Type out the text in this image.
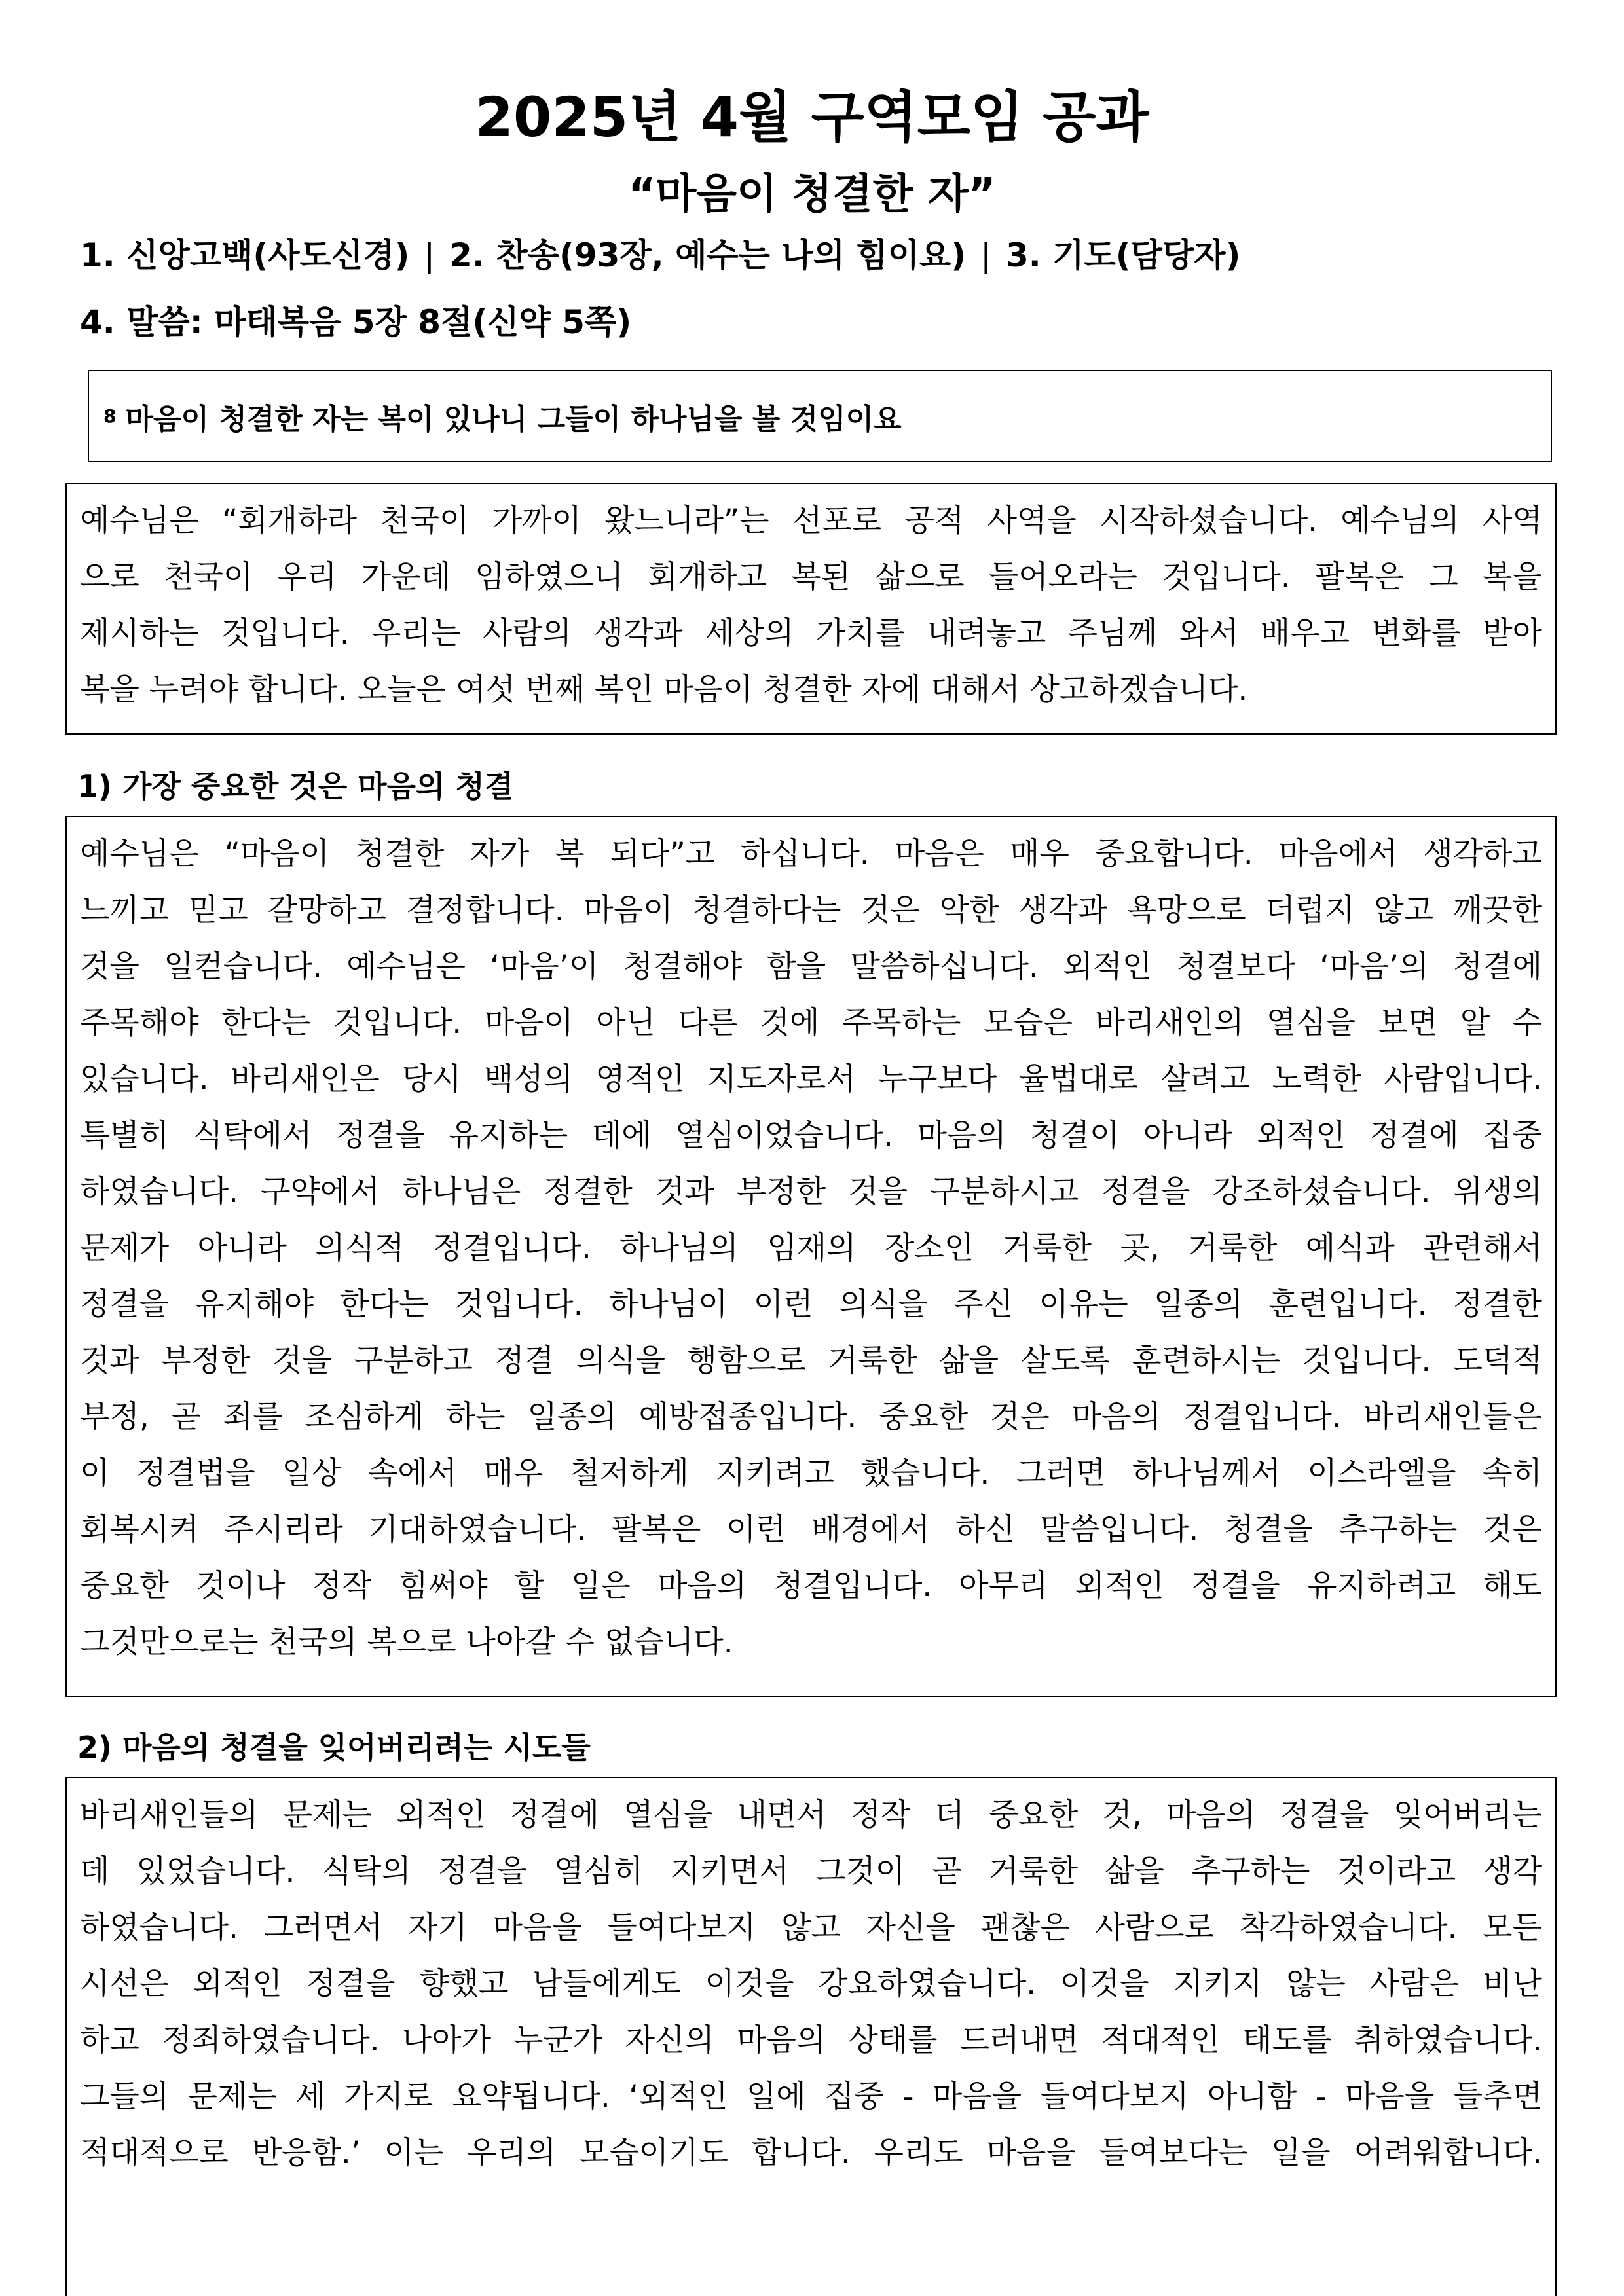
2025년 4월 구역모임 공과
“마음이 청결한 자”
1. 신앙고백(사도신경) | 2. 찬송(93장, 예수는 나의 힘이요) | 3. 기도(담당자)
4. 말씀: 마태복음 5장 8절(신약 5쪽)
8 마음이 청결한 자는 복이 있나니 그들이 하나님을 볼 것임이요
예수님은 “회개하라 천국이 가까이 왔느니라”는 선포로 공적 사역을 시작하셨습니다. 예수님의 사역
으로 천국이 우리 가운데 임하였으니 회개하고 복된 삶으로 들어오라는 것입니다. 팔복은 그 복을
제시하는 것입니다. 우리는 사람의 생각과 세상의 가치를 내려놓고 주님께 와서 배우고 변화를 받아
복을 누려야 합니다. 오늘은 여섯 번째 복인 마음이 청결한 자에 대해서 상고하겠습니다.
1) 가장 중요한 것은 마음의 청결
예수님은 “마음이 청결한 자가 복 되다”고 하십니다. 마음은 매우 중요합니다. 마음에서 생각하고
느끼고 믿고 갈망하고 결정합니다. 마음이 청결하다는 것은 악한 생각과 욕망으로 더럽지 않고 깨끗한
것을 일컫습니다. 예수님은 ‘마음’이 청결해야 함을 말씀하십니다. 외적인 청결보다 ‘마음’의 청결에
주목해야 한다는 것입니다. 마음이 아닌 다른 것에 주목하는 모습은 바리새인의 열심을 보면 알 수
있습니다. 바리새인은 당시 백성의 영적인 지도자로서 누구보다 율법대로 살려고 노력한 사람입니다.
특별히 식탁에서 정결을 유지하는 데에 열심이었습니다. 마음의 청결이 아니라 외적인 정결에 집중
하였습니다. 구약에서 하나님은 정결한 것과 부정한 것을 구분하시고 정결을 강조하셨습니다. 위생의
문제가 아니라 의식적 정결입니다. 하나님의 임재의 장소인 거룩한 곳, 거룩한 예식과 관련해서
정결을 유지해야 한다는 것입니다. 하나님이 이런 의식을 주신 이유는 일종의 훈련입니다. 정결한
것과 부정한 것을 구분하고 정결 의식을 행함으로 거룩한 삶을 살도록 훈련하시는 것입니다. 도덕적
부정, 곧 죄를 조심하게 하는 일종의 예방접종입니다. 중요한 것은 마음의 정결입니다. 바리새인들은
이 정결법을 일상 속에서 매우 철저하게 지키려고 했습니다. 그러면 하나님께서 이스라엘을 속히
회복시켜 주시리라 기대하였습니다. 팔복은 이런 배경에서 하신 말씀입니다. 청결을 추구하는 것은
중요한 것이나 정작 힘써야 할 일은 마음의 청결입니다. 아무리 외적인 정결을 유지하려고 해도
그것만으로는 천국의 복으로 나아갈 수 없습니다.
2) 마음의 청결을 잊어버리려는 시도들
바리새인들의 문제는 외적인 정결에 열심을 내면서 정작 더 중요한 것, 마음의 정결을 잊어버리는
데 있었습니다. 식탁의 정결을 열심히 지키면서 그것이 곧 거룩한 삶을 추구하는 것이라고 생각
하였습니다. 그러면서 자기 마음을 들여다보지 않고 자신을 괜찮은 사람으로 착각하였습니다. 모든
시선은 외적인 정결을 향했고 남들에게도 이것을 강요하였습니다. 이것을 지키지 않는 사람은 비난
하고 정죄하였습니다. 나아가 누군가 자신의 마음의 상태를 드러내면 적대적인 태도를 취하였습니다.
그들의 문제는 세 가지로 요약됩니다. ‘외적인 일에 집중 - 마음을 들여다보지 아니함 - 마음을 들추면
적대적으로 반응함.’ 이는 우리의 모습이기도 합니다. 우리도 마음을 들여보다는 일을 어려워합니다.
